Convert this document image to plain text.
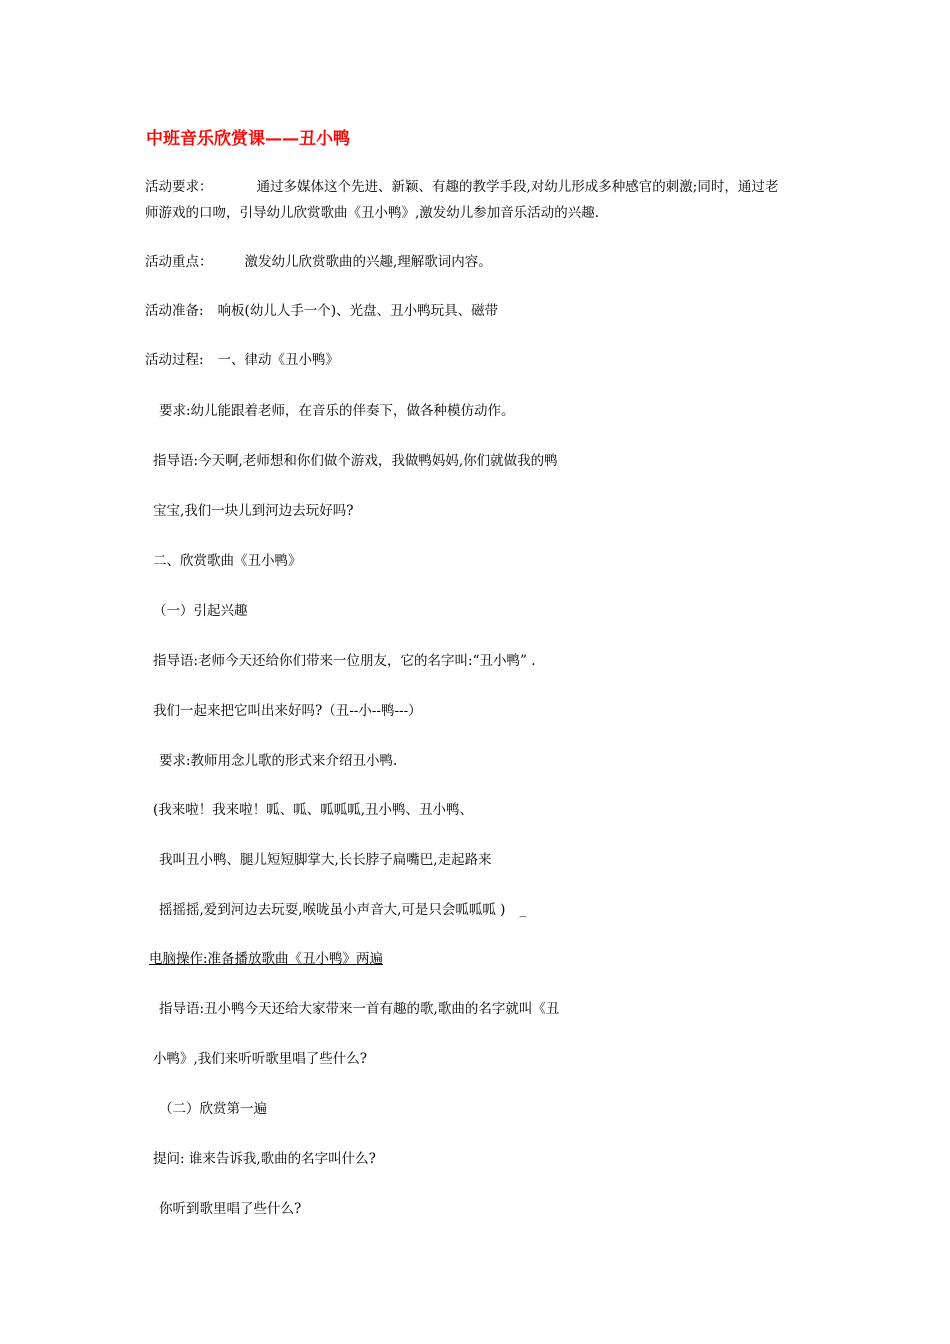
中班音乐欣赏课——丑小鸭
活动要求：	通过多媒体这个先进、新颖、有趣的教学手段,对幼儿形成多种感官的刺激;同时，通过老
师游戏的口吻，引导幼儿欣赏歌曲《丑小鸭》,激发幼儿参加音乐活动的兴趣.
活动重点： 激发幼儿欣赏歌曲的兴趣,理解歌词内容。
活动准备: 响板(幼儿人手一个)、光盘、丑小鸭玩具、磁带
活动过程: 一、律动《丑小鸭》
要求:幼儿能跟着老师，在音乐的伴奏下，做各种模仿动作。
指导语:今天啊,老师想和你们做个游戏，我做鸭妈妈,你们就做我的鸭
宝宝,我们一块儿到河边去玩好吗?
二、欣赏歌曲《丑小鸭》
（一）引起兴趣
指导语:老师今天还给你们带来一位朋友，它的名字叫:“丑小鸭” .
我们一起来把它叫出来好吗?（丑--小--鸭---）
要求:教师用念儿歌的形式来介绍丑小鸭.
(我来啦！我来啦！呱、呱、呱呱呱,丑小鸭、丑小鸭、
我叫丑小鸭、腿儿短短脚掌大,长长脖子扁嘴巴,走起路来
摇摇摇,爱到河边去玩耍,喉咙虽小声音大,可是只会呱呱呱 ) _
电脑操作:准备播放歌曲《丑小鸭》两遍
指导语:丑小鸭今天还给大家带来一首有趣的歌,歌曲的名字就叫《丑
小鸭》,我们来听听歌里唱了些什么?
（二）欣赏第一遍
提问: 谁来告诉我,歌曲的名字叫什么?
你听到歌里唱了些什么?
